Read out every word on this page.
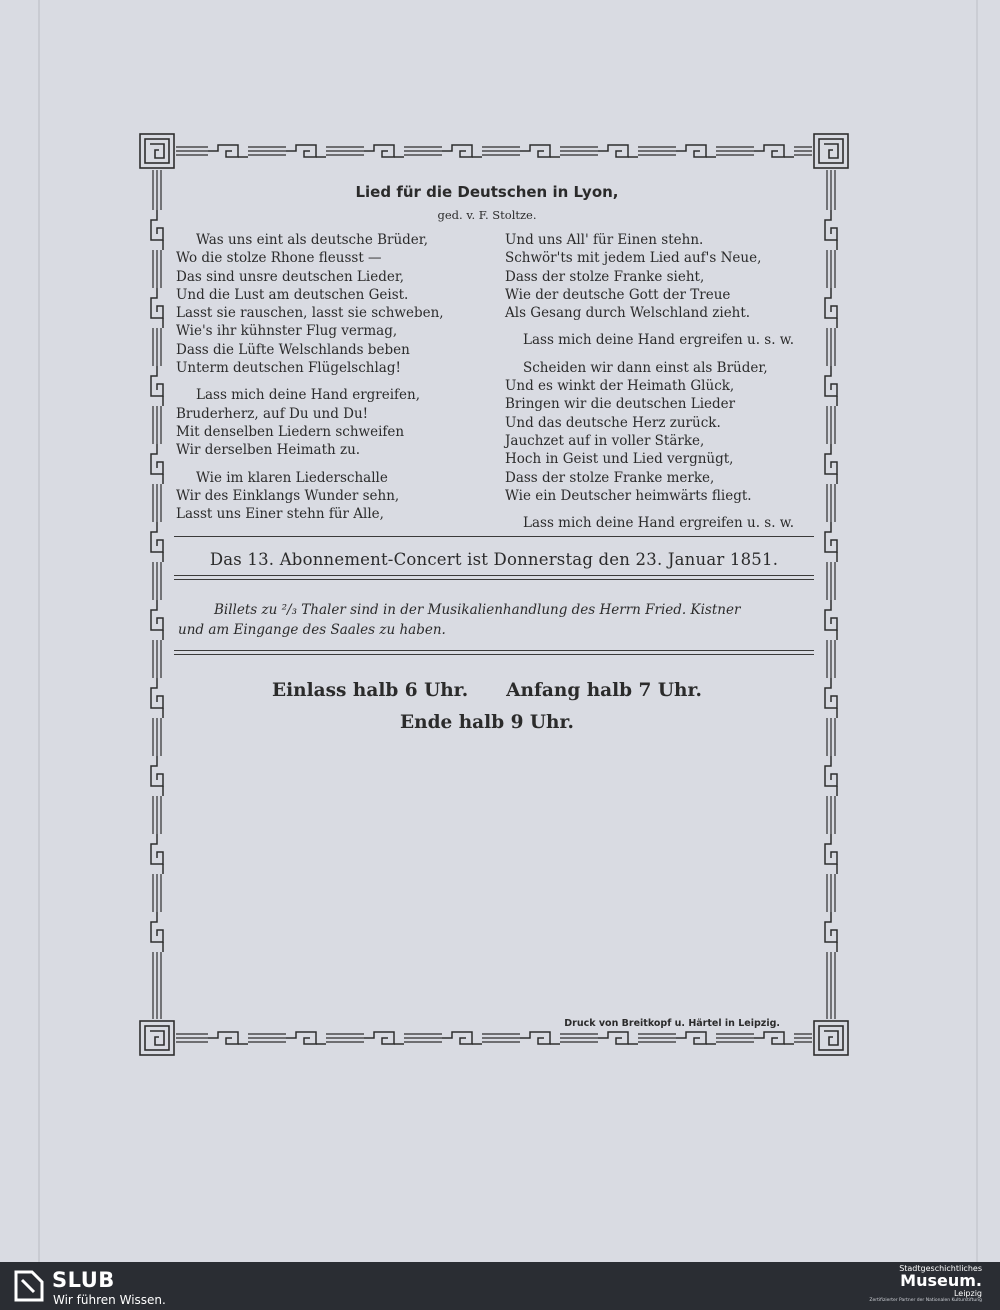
Lied für die Deutschen in Lyon,
ged. v. F. Stoltze.
Was uns eint als deutsche Brüder,
Wo die stolze Rhone fleusst —
Das sind unsre deutschen Lieder,
Und die Lust am deutschen Geist.
Lasst sie rauschen, lasst sie schweben,
Wie's ihr kühnster Flug vermag,
Dass die Lüfte Welschlands beben
Unterm deutschen Flügelschlag!
Lass mich deine Hand ergreifen,
Bruderherz, auf Du und Du!
Mit denselben Liedern schweifen
Wir derselben Heimath zu.
Wie im klaren Liederschalle
Wir des Einklangs Wunder sehn,
Lasst uns Einer stehn für Alle,
Und uns All' für Einen stehn.
Schwör'ts mit jedem Lied auf's Neue,
Dass der stolze Franke sieht,
Wie der deutsche Gott der Treue
Als Gesang durch Welschland zieht.
Lass mich deine Hand ergreifen u. s. w.
Scheiden wir dann einst als Brüder,
Und es winkt der Heimath Glück,
Bringen wir die deutschen Lieder
Und das deutsche Herz zurück.
Jauchzet auf in voller Stärke,
Hoch in Geist und Lied vergnügt,
Dass der stolze Franke merke,
Wie ein Deutscher heimwärts fliegt.
Lass mich deine Hand ergreifen u. s. w.
Das 13. Abonnement-Concert ist Donnerstag den 23. Januar 1851.
Billets zu ²/₃ Thaler sind in der Musikalienhandlung des Herrn Fried. Kistner
und am Eingange des Saales zu haben.
Einlass halb 6 Uhr. Anfang halb 7 Uhr.
Ende halb 9 Uhr.
Druck von Breitkopf u. Härtel in Leipzig.
SLUB
Wir führen Wissen.
Stadtgeschichtliches
Museum.
Leipzig
Zertifizierter Partner der Nationalen Kulturstiftung
